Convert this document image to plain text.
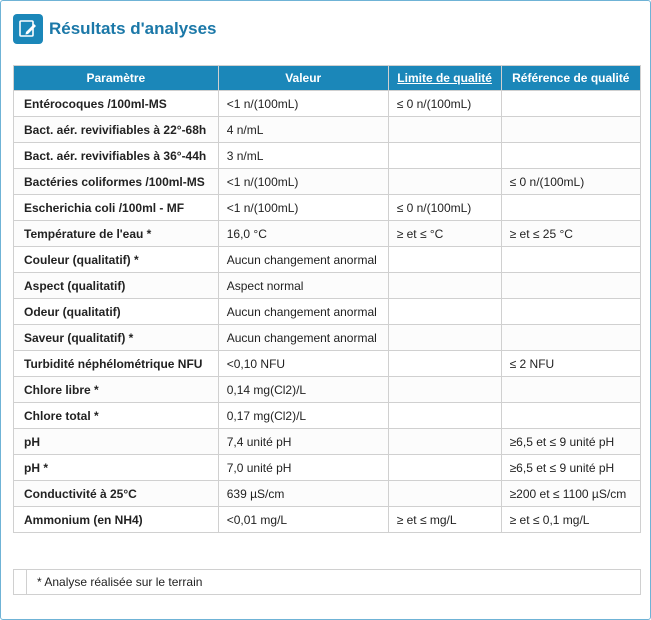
Résultats d'analyses
Paramètre	Valeur	Limite de qualité	Référence de qualité
Entérocoques /100ml-MS	<1 n/(100mL)	≤ 0 n/(100mL)	
Bact. aér. revivifiables à 22°-68h	4 n/mL		
Bact. aér. revivifiables à 36°-44h	3 n/mL		
Bactéries coliformes /100ml-MS	<1 n/(100mL)		≤ 0 n/(100mL)
Escherichia coli /100ml - MF	<1 n/(100mL)	≤ 0 n/(100mL)	
Température de l'eau *	16,0 °C	≥ et ≤ °C	≥ et ≤ 25 °C
Couleur (qualitatif) *	Aucun changement anormal		
Aspect (qualitatif)	Aspect normal		
Odeur (qualitatif)	Aucun changement anormal		
Saveur (qualitatif) *	Aucun changement anormal		
Turbidité néphélométrique NFU	<0,10 NFU		≤ 2 NFU
Chlore libre *	0,14 mg(Cl2)/L		
Chlore total *	0,17 mg(Cl2)/L		
pH	7,4 unité pH		≥6,5 et ≤ 9 unité pH
pH *	7,0 unité pH		≥6,5 et ≤ 9 unité pH
Conductivité à 25°C	639 µS/cm		≥200 et ≤ 1100 µS/cm
Ammonium (en NH4)	<0,01 mg/L	≥ et ≤ mg/L	≥ et ≤ 0,1 mg/L
* Analyse réalisée sur le terrain
